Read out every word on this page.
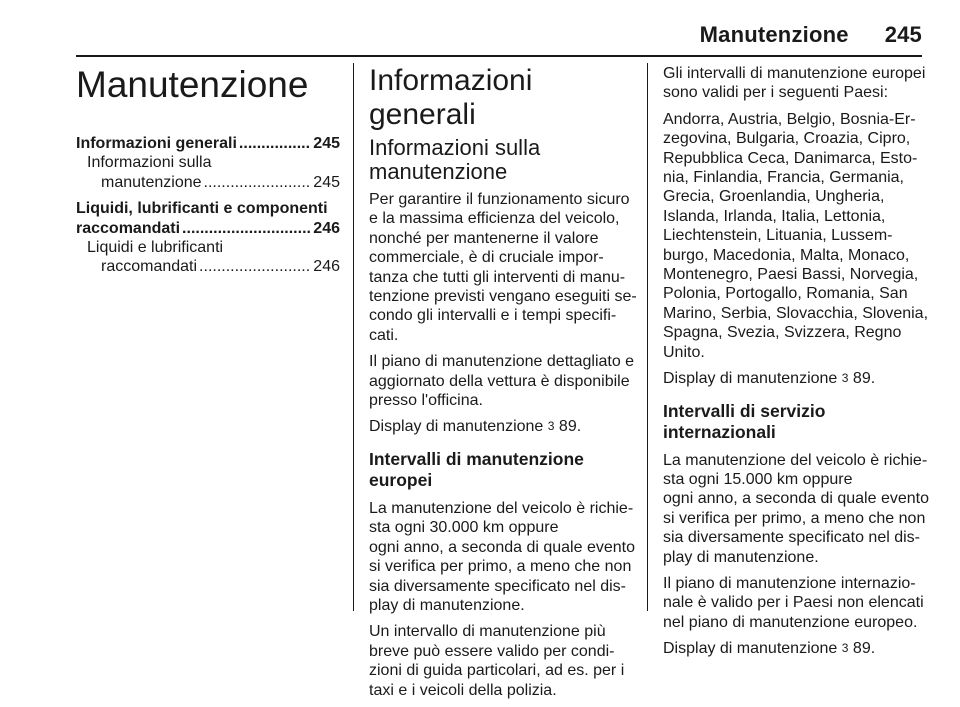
Manutenzione 245
Manutenzione
Informazioni generali .....	245
Informazioni sulla
manutenzione .....	245
Liquidi, lubrificanti e componenti
raccomandati .....	246
Liquidi e lubrificanti
raccomandati .....	246
Informazioni generali
Informazioni sulla
manutenzione
Per garantire il funzionamento sicuro
e la massima efficienza del veicolo,
nonché per mantenerne il valore
commerciale, è di cruciale impor-
tanza che tutti gli interventi di manu-
tenzione previsti vengano eseguiti se-
condo gli intervalli e i tempi specifi-
cati.
Il piano di manutenzione dettagliato e
aggiornato della vettura è disponibile
presso l'officina.
Display di manutenzione 3 89.
Intervalli di manutenzione europei
La manutenzione del veicolo è richie-
sta ogni 30.000 km oppure
ogni anno, a seconda di quale evento
si verifica per primo, a meno che non
sia diversamente specificato nel dis-
play di manutenzione.
Un intervallo di manutenzione più
breve può essere valido per condi-
zioni di guida particolari, ad es. per i
taxi e i veicoli della polizia.
Gli intervalli di manutenzione europei
sono validi per i seguenti Paesi:
Andorra, Austria, Belgio, Bosnia-Er-
zegovina, Bulgaria, Croazia, Cipro,
Repubblica Ceca, Danimarca, Esto-
nia, Finlandia, Francia, Germania,
Grecia, Groenlandia, Ungheria,
Islanda, Irlanda, Italia, Lettonia,
Liechtenstein, Lituania, Lussem-
burgo, Macedonia, Malta, Monaco,
Montenegro, Paesi Bassi, Norvegia,
Polonia, Portogallo, Romania, San
Marino, Serbia, Slovacchia, Slovenia,
Spagna, Svezia, Svizzera, Regno
Unito.
Display di manutenzione 3 89.
Intervalli di servizio internazionali
La manutenzione del veicolo è richie-
sta ogni 15.000 km oppure
ogni anno, a seconda di quale evento
si verifica per primo, a meno che non
sia diversamente specificato nel dis-
play di manutenzione.
Il piano di manutenzione internazio-
nale è valido per i Paesi non elencati
nel piano di manutenzione europeo.
Display di manutenzione 3 89.
